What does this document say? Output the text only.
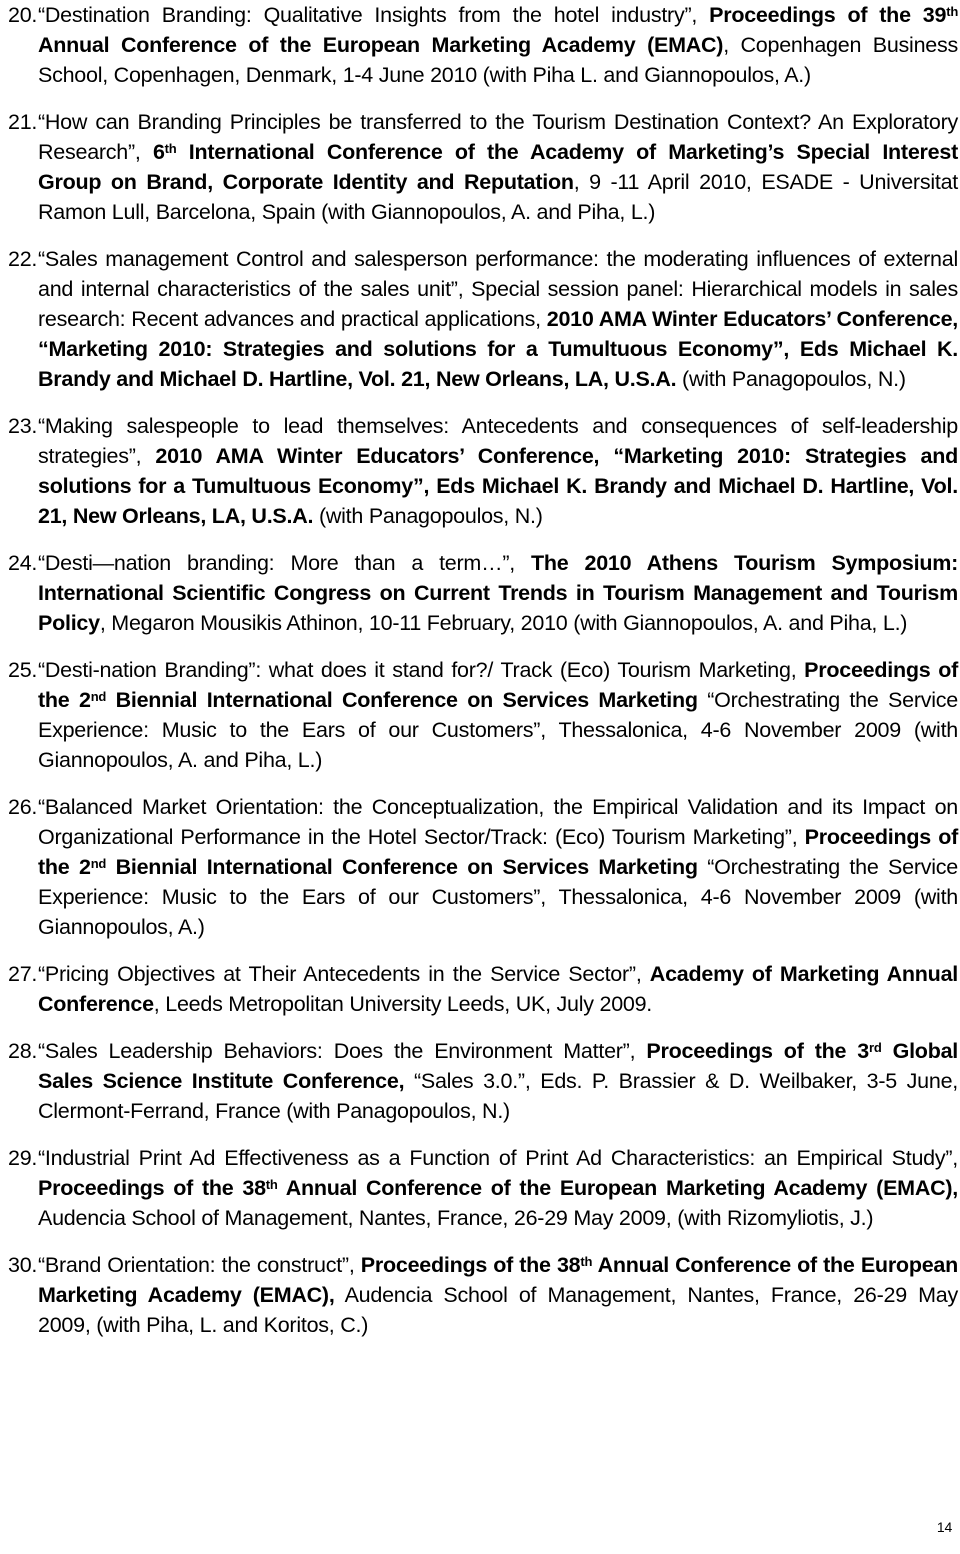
20. “Destination Branding: Qualitative Insights from the hotel industry”, Proceedings of the 39th Annual Conference of the European Marketing Academy (EMAC), Copenhagen Business School, Copenhagen, Denmark, 1-4 June 2010 (with Piha L. and Giannopoulos, A.)
21. “How can Branding Principles be transferred to the Tourism Destination Context? An Exploratory Research”, 6th International Conference of the Academy of Marketing’s Special Interest Group on Brand, Corporate Identity and Reputation, 9 -11 April 2010, ESADE - Universitat Ramon Lull, Barcelona, Spain (with Giannopoulos, A. and Piha, L.)
22. “Sales management Control and salesperson performance: the moderating influences of external and internal characteristics of the sales unit”, Special session panel: Hierarchical models in sales research: Recent advances and practical applications, 2010 AMA Winter Educators’ Conference, “Marketing 2010: Strategies and solutions for a Tumultuous Economy”, Eds Michael K. Brandy and Michael D. Hartline, Vol. 21, New Orleans, LA, U.S.A. (with Panagopoulos, N.)
23. “Making salespeople to lead themselves: Antecedents and consequences of self-leadership strategies”, 2010 AMA Winter Educators’ Conference, “Marketing 2010: Strategies and solutions for a Tumultuous Economy”, Eds Michael K. Brandy and Michael D. Hartline, Vol. 21, New Orleans, LA, U.S.A. (with Panagopoulos, N.)
24. “Desti―nation branding: More than a term…”, The 2010 Athens Tourism Symposium: International Scientific Congress on Current Trends in Tourism Management and Tourism Policy, Megaron Mousikis Athinon, 10-11 February, 2010 (with Giannopoulos, A. and Piha, L.)
25. “Desti-nation Branding”: what does it stand for?/ Track (Eco) Tourism Marketing, Proceedings of the 2nd Biennial International Conference on Services Marketing “Orchestrating the Service Experience: Music to the Ears of our Customers”, Thessalonica, 4-6 November 2009 (with Giannopoulos, A. and Piha, L.)
26. “Balanced Market Orientation: the Conceptualization, the Empirical Validation and its Impact on Organizational Performance in the Hotel Sector/Track: (Eco) Tourism Marketing”, Proceedings of the 2nd Biennial International Conference on Services Marketing “Orchestrating the Service Experience: Music to the Ears of our Customers”, Thessalonica, 4-6 November 2009 (with Giannopoulos, A.)
27. “Pricing Objectives at Their Antecedents in the Service Sector”, Academy of Marketing Annual Conference, Leeds Metropolitan University Leeds, UK, July 2009.
28. “Sales Leadership Behaviors: Does the Environment Matter”, Proceedings of the 3rd Global Sales Science Institute Conference, “Sales 3.0.”, Eds. P. Brassier & D. Weilbaker, 3-5 June, Clermont-Ferrand, France (with Panagopoulos, N.)
29. “Industrial Print Ad Effectiveness as a Function of Print Ad Characteristics: an Empirical Study”, Proceedings of the 38th Annual Conference of the European Marketing Academy (EMAC), Audencia School of Management, Nantes, France, 26-29 May 2009, (with Rizomyliotis, J.)
30. “Brand Orientation: the construct”, Proceedings of the 38th Annual Conference of the European Marketing Academy (EMAC), Audencia School of Management, Nantes, France, 26-29 May 2009, (with Piha, L. and Koritos, C.)
14
